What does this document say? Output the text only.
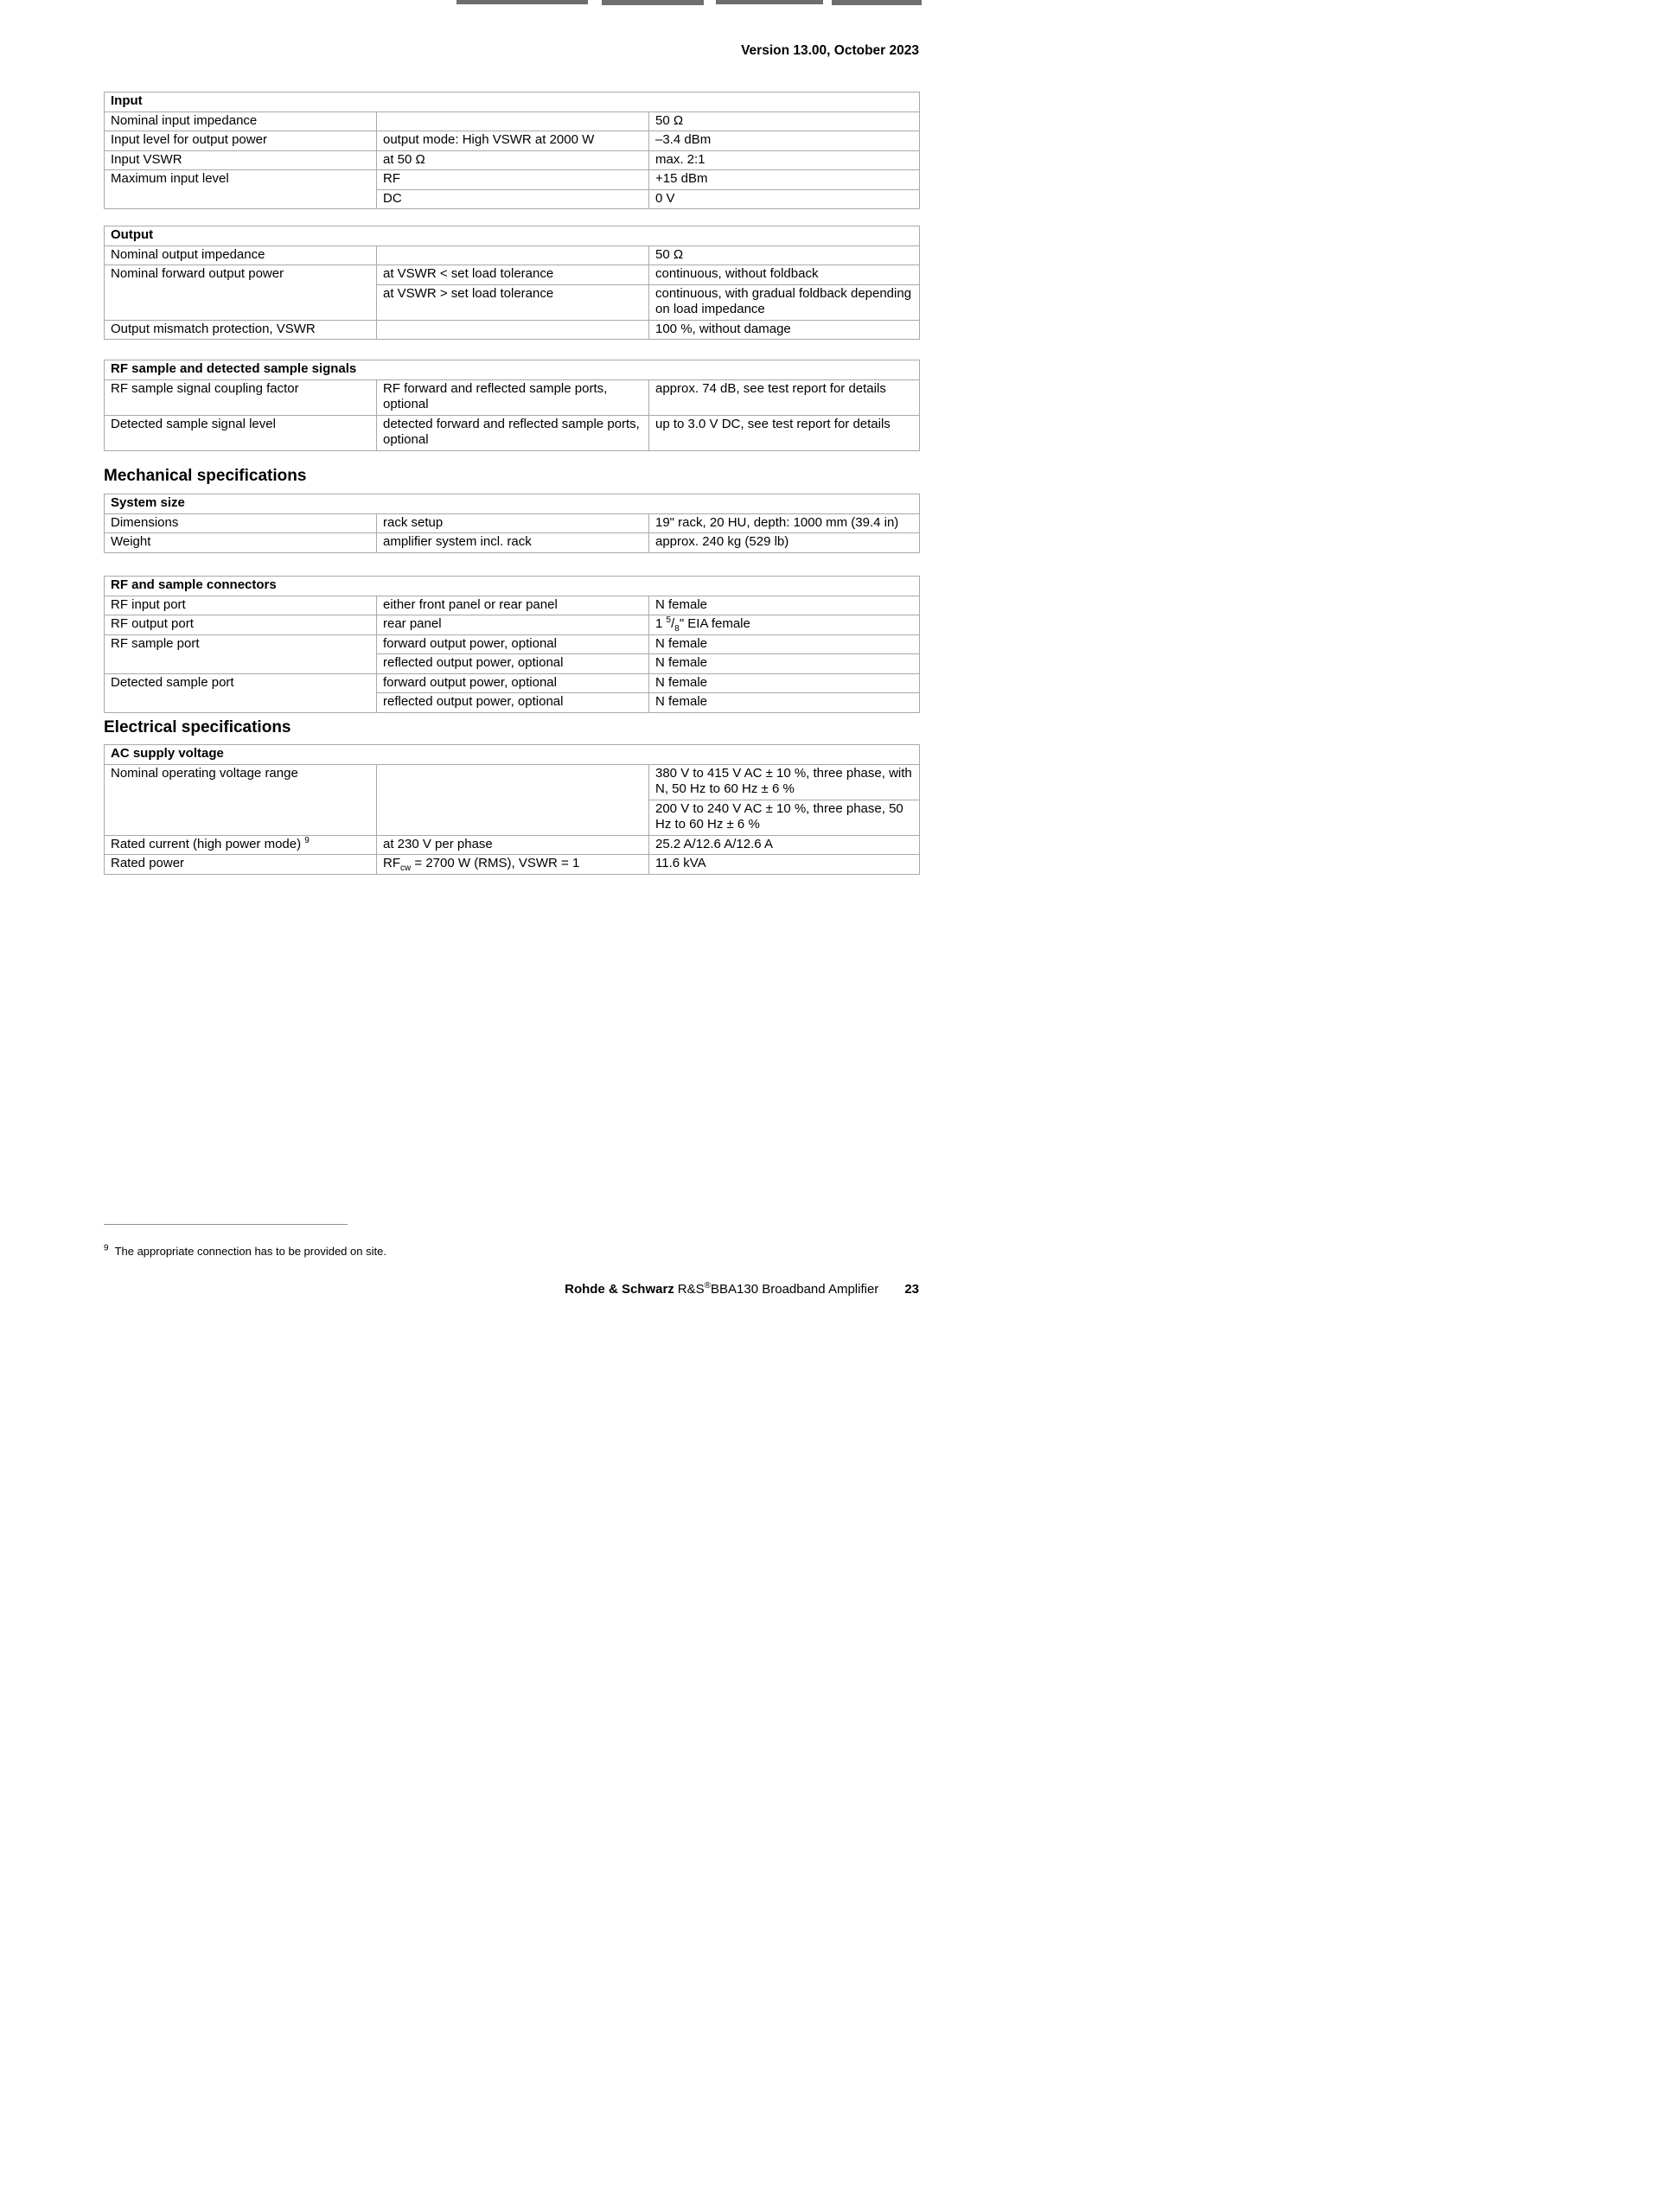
Version 13.00, October 2023
Input		
Nominal input impedance		50 Ω
Input level for output power	output mode: High VSWR at 2000 W	–3.4 dBm
Input VSWR	at 50 Ω	max. 2:1
Maximum input level	RF	+15 dBm
	DC	0 V
Output		
Nominal output impedance		50 Ω
Nominal forward output power	at VSWR < set load tolerance	continuous, without foldback
	at VSWR > set load tolerance	continuous, with gradual foldback depending on load impedance
Output mismatch protection, VSWR		100 %, without damage
RF sample and detected sample signals		
RF sample signal coupling factor	RF forward and reflected sample ports, optional	approx. 74 dB, see test report for details
Detected sample signal level	detected forward and reflected sample ports, optional	up to 3.0 V DC, see test report for details
Mechanical specifications
System size		
Dimensions	rack setup	19" rack, 20 HU, depth: 1000 mm (39.4 in)
Weight	amplifier system incl. rack	approx. 240 kg (529 lb)
RF and sample connectors		
RF input port	either front panel or rear panel	N female
RF output port	rear panel	1 $^5/_8$" EIA female
RF sample port	forward output power, optional	N female
	reflected output power, optional	N female
Detected sample port	forward output power, optional	N female
	reflected output power, optional	N female
Electrical specifications
AC supply voltage		
Nominal operating voltage range		380 V to 415 V AC ± 10 %, three phase, with N, 50 Hz to 60 Hz ± 6 %
		200 V to 240 V AC ± 10 %, three phase, 50 Hz to 60 Hz ± 6 %
Rated current (high power mode) $^9$	at 230 V per phase	25.2 A/12.6 A/12.6 A
Rated power	$RF_{cw} = 2700$ W (RMS), VSWR = 1	11.6 kVA
$^9$ The appropriate connection has to be provided on site.
Rohde & Schwarz R&S®BBA130 Broadband Amplifier 23
